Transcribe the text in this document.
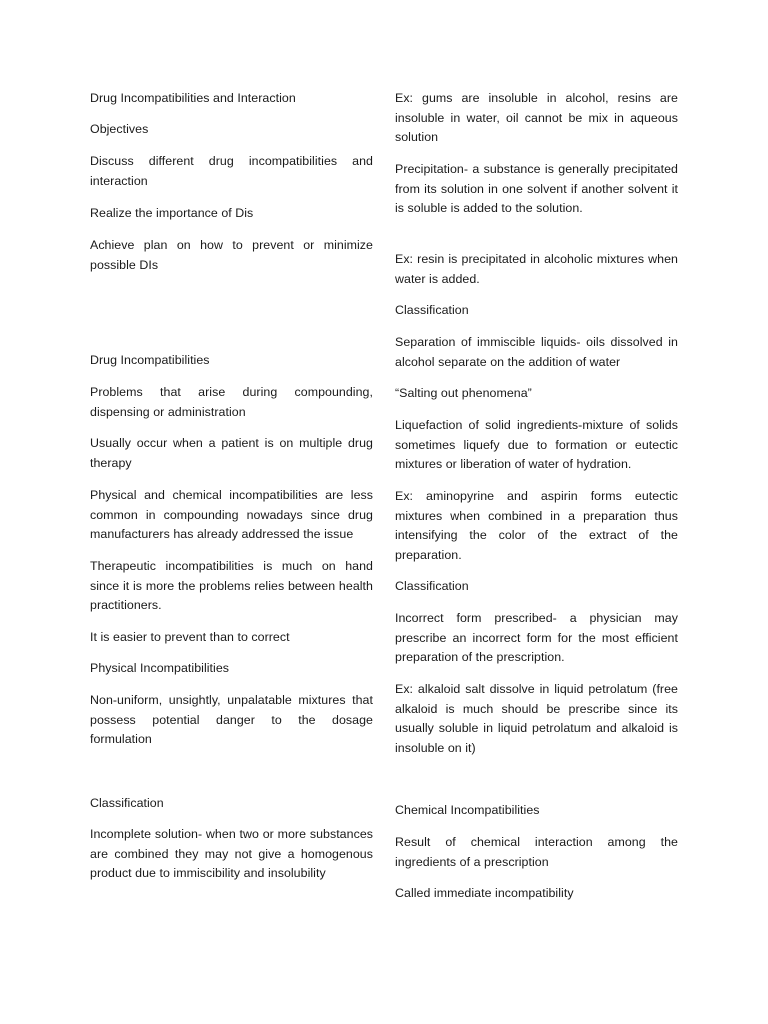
Drug Incompatibilities and Interaction

Objectives

Discuss different drug incompatibilities and interaction

Realize the importance of Dis

Achieve plan on how to prevent or minimize possible DIs

Drug Incompatibilities

Problems that arise during compounding, dispensing or administration

Usually occur when a patient is on multiple drug therapy

Physical and chemical incompatibilities are less common in compounding nowadays since drug manufacturers has already addressed the issue

Therapeutic incompatibilities is much on hand since it is more the problems relies between health practitioners.

It is easier to prevent than to correct

Physical Incompatibilities

Non-uniform, unsightly, unpalatable mixtures that possess potential danger to the dosage formulation

Classification

Incomplete solution- when two or more substances are combined they may not give a homogenous product due to immiscibility and insolubility

Ex: gums are insoluble in alcohol, resins are insoluble in water, oil cannot be mix in aqueous solution

Precipitation- a substance is generally precipitated from its solution in one solvent if another solvent it is soluble is added to the solution.

Ex: resin is precipitated in alcoholic mixtures when water is added.

Classification

Separation of immiscible liquids- oils dissolved in alcohol separate on the addition of water

“Salting out phenomena”

Liquefaction of solid ingredients-mixture of solids sometimes liquefy due to formation or eutectic mixtures or liberation of water of hydration.

Ex: aminopyrine and aspirin forms eutectic mixtures when combined in a preparation thus intensifying the color of the extract of the preparation.

Classification

Incorrect form prescribed- a physician may prescribe an incorrect form for the most efficient preparation of the prescription.

Ex: alkaloid salt dissolve in liquid petrolatum (free alkaloid is much should be prescribe since its usually soluble in liquid petrolatum and alkaloid is insoluble on it)

Chemical Incompatibilities

Result of chemical interaction among the ingredients of a prescription

Called immediate incompatibility
